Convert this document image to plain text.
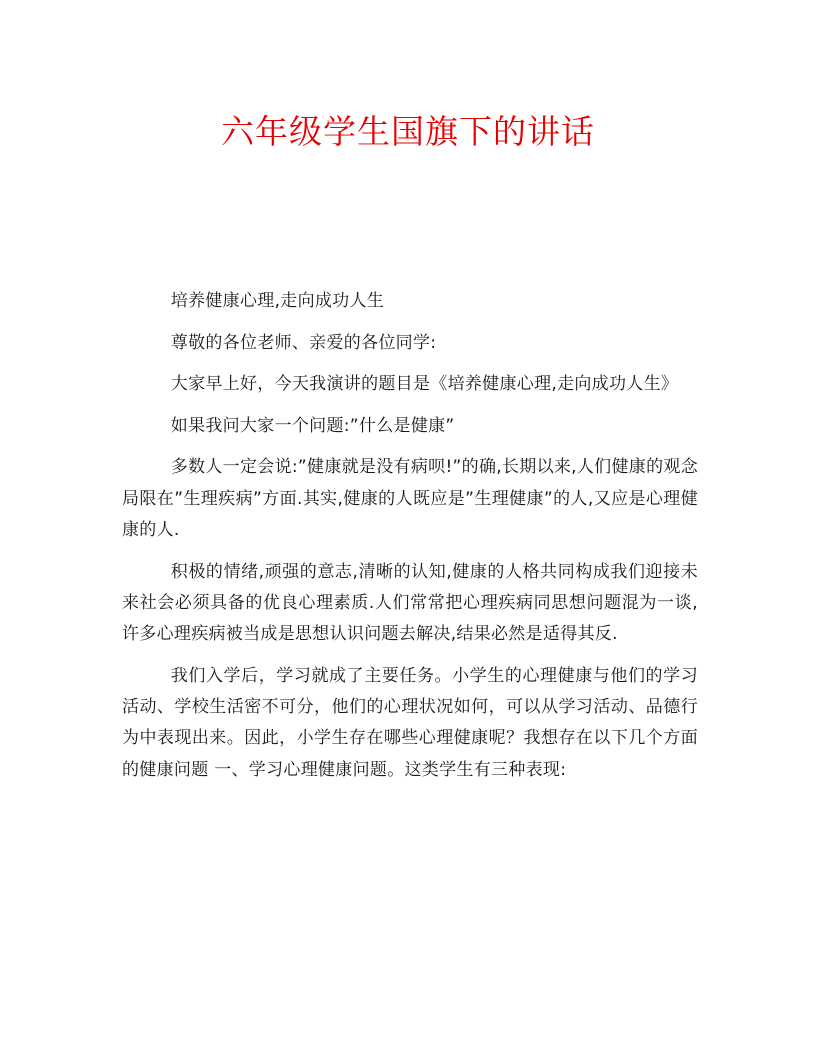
六年级学生国旗下的讲话

培养健康心理,走向成功人生

尊敬的各位老师、亲爱的各位同学:

大家早上好，今天我演讲的题目是《培养健康心理,走向成功人生》

如果我问大家一个问题:”什么是健康”

多数人一定会说:”健康就是没有病呗!”的确,长期以来,人们健康的观念局限在”生理疾病”方面.其实,健康的人既应是”生理健康”的人,又应是心理健康的人.

积极的情绪,顽强的意志,清晰的认知,健康的人格共同构成我们迎接未来社会必须具备的优良心理素质.人们常常把心理疾病同思想问题混为一谈,许多心理疾病被当成是思想认识问题去解决,结果必然是适得其反.

我们入学后，学习就成了主要任务。小学生的心理健康与他们的学习活动、学校生活密不可分，他们的心理状况如何，可以从学习活动、品德行为中表现出来。因此，小学生存在哪些心理健康呢？我想存在以下几个方面的健康问题 一、学习心理健康问题。这类学生有三种表现:
